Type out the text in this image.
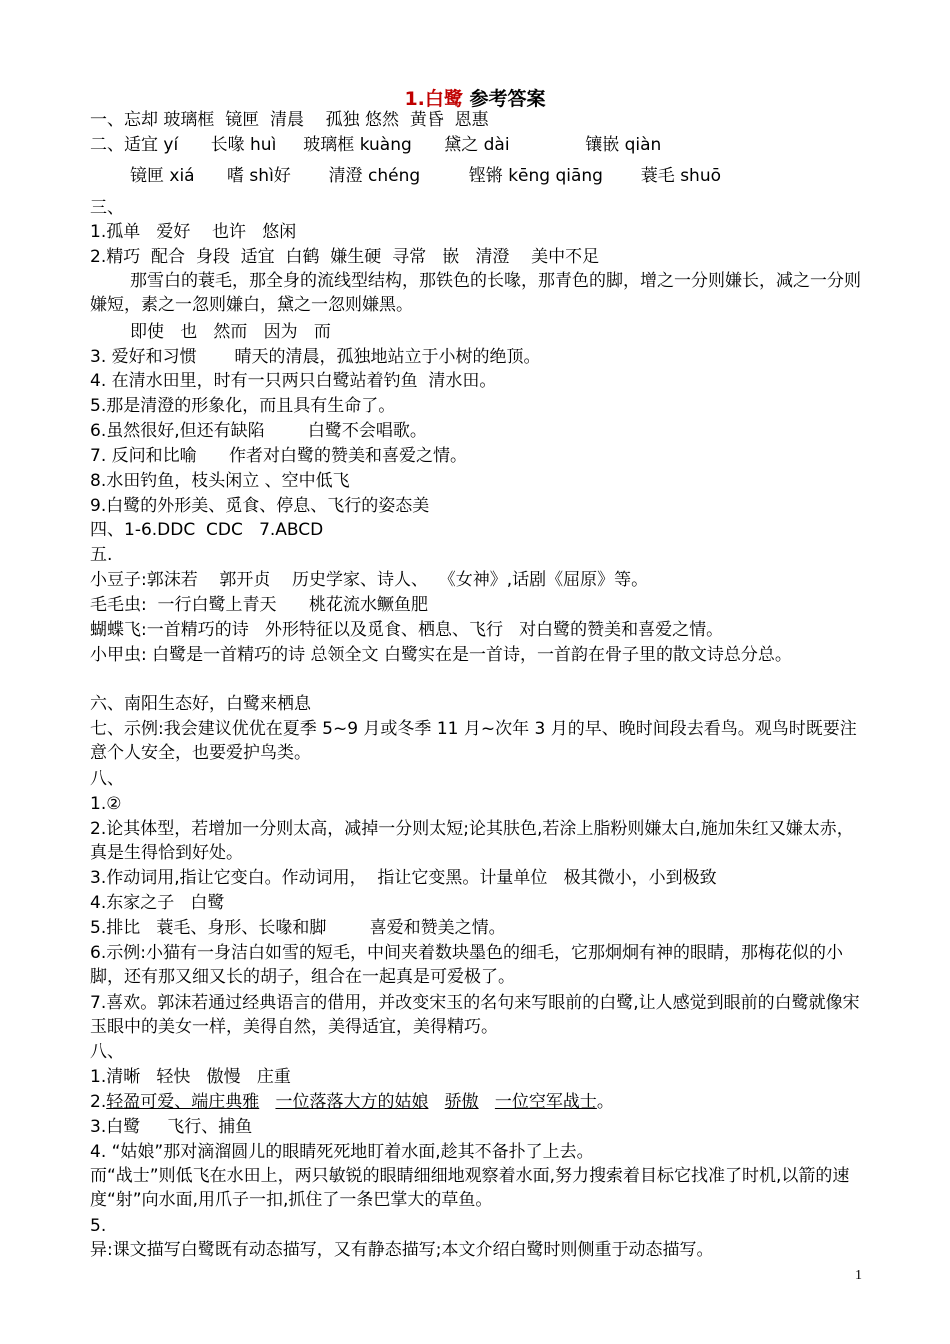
1.白鹭 参考答案
一、忘却 玻璃框  镜匣  清晨    孤独 悠然  黄昏  恩惠
二、适宜 yí      长喙 huì     玻璃框 kuàng      黛之 dài              镶嵌 qiàn
镜匣 xiá      嗜 shì好       清澄 chéng         铿锵 kēng qiāng       蓑毛 shuō
三、
1.孤单   爱好    也许   悠闲
2.精巧  配合  身段  适宜  白鹤  嫌生硬  寻常   嵌   清澄    美中不足
那雪白的蓑毛，那全身的流线型结构，那铁色的长喙，那青色的脚，增之一分则嫌长，减之一分则嫌短，素之一忽则嫌白，黛之一忽则嫌黑。
即使   也   然而   因为   而
3. 爱好和习惯       晴天的清晨，孤独地站立于小树的绝顶。
4. 在清水田里，时有一只两只白鹭站着钓鱼  清水田。
5.那是清澄的形象化，而且具有生命了。
6.虽然很好,但还有缺陷        白鹭不会唱歌。
7. 反问和比喻      作者对白鹭的赞美和喜爱之情。
8.水田钓鱼，枝头闲立 、空中低飞
9.白鹭的外形美、觅食、停息、飞行的姿态美
四、1-6.DDC  CDC   7.ABCD
五.
小豆子:郭沫若    郭开贞    历史学家、诗人、  《女神》,话剧《屈原》等。
毛毛虫:  一行白鹭上青天      桃花流水鳜鱼肥
蝴蝶飞:一首精巧的诗   外形特征以及觅食、栖息、飞行   对白鹭的赞美和喜爱之情。
小甲虫: 白鹭是一首精巧的诗 总领全文 白鹭实在是一首诗，一首韵在骨子里的散文诗总分总。
六、南阳生态好，白鹭来栖息
七、示例:我会建议优优在夏季 5~9 月或冬季 11 月~次年 3 月的早、晚时间段去看鸟。观鸟时既要注意个人安全，也要爱护鸟类。
八、
1.②
2.论其体型，若增加一分则太高，减掉一分则太短;论其肤色,若涂上脂粉则嫌太白,施加朱红又嫌太赤，真是生得恰到好处。
3.作动词用,指让它变白。作动词用，  指让它变黑。计量单位   极其微小，小到极致
4.东家之子   白鹭
5.排比   蓑毛、身形、长喙和脚        喜爱和赞美之情。
6.示例:小猫有一身洁白如雪的短毛，中间夹着数块墨色的细毛，它那炯炯有神的眼睛，那梅花似的小脚，还有那又细又长的胡子，组合在一起真是可爱极了。
7.喜欢。郭沫若通过经典语言的借用，并改变宋玉的名句来写眼前的白鹭,让人感觉到眼前的白鹭就像宋玉眼中的美女一样，美得自然，美得适宜，美得精巧。
八、
1.清晰   轻快   傲慢   庄重
2.轻盈可爱、端庄典雅 一位落落大方的姑娘 骄傲 一位空军战士。
3.白鹭     飞行、捕鱼
4. “姑娘”那对滴溜圆儿的眼睛死死地盯着水面,趁其不备扑了上去。
而“战士”则低飞在水田上，两只敏锐的眼睛细细地观察着水面,努力搜索着目标它找准了时机,以箭的速度“射”向水面,用爪子一扣,抓住了一条巴掌大的草鱼。
5.
异:课文描写白鹭既有动态描写，又有静态描写;本文介绍白鹭时则侧重于动态描写。
1
